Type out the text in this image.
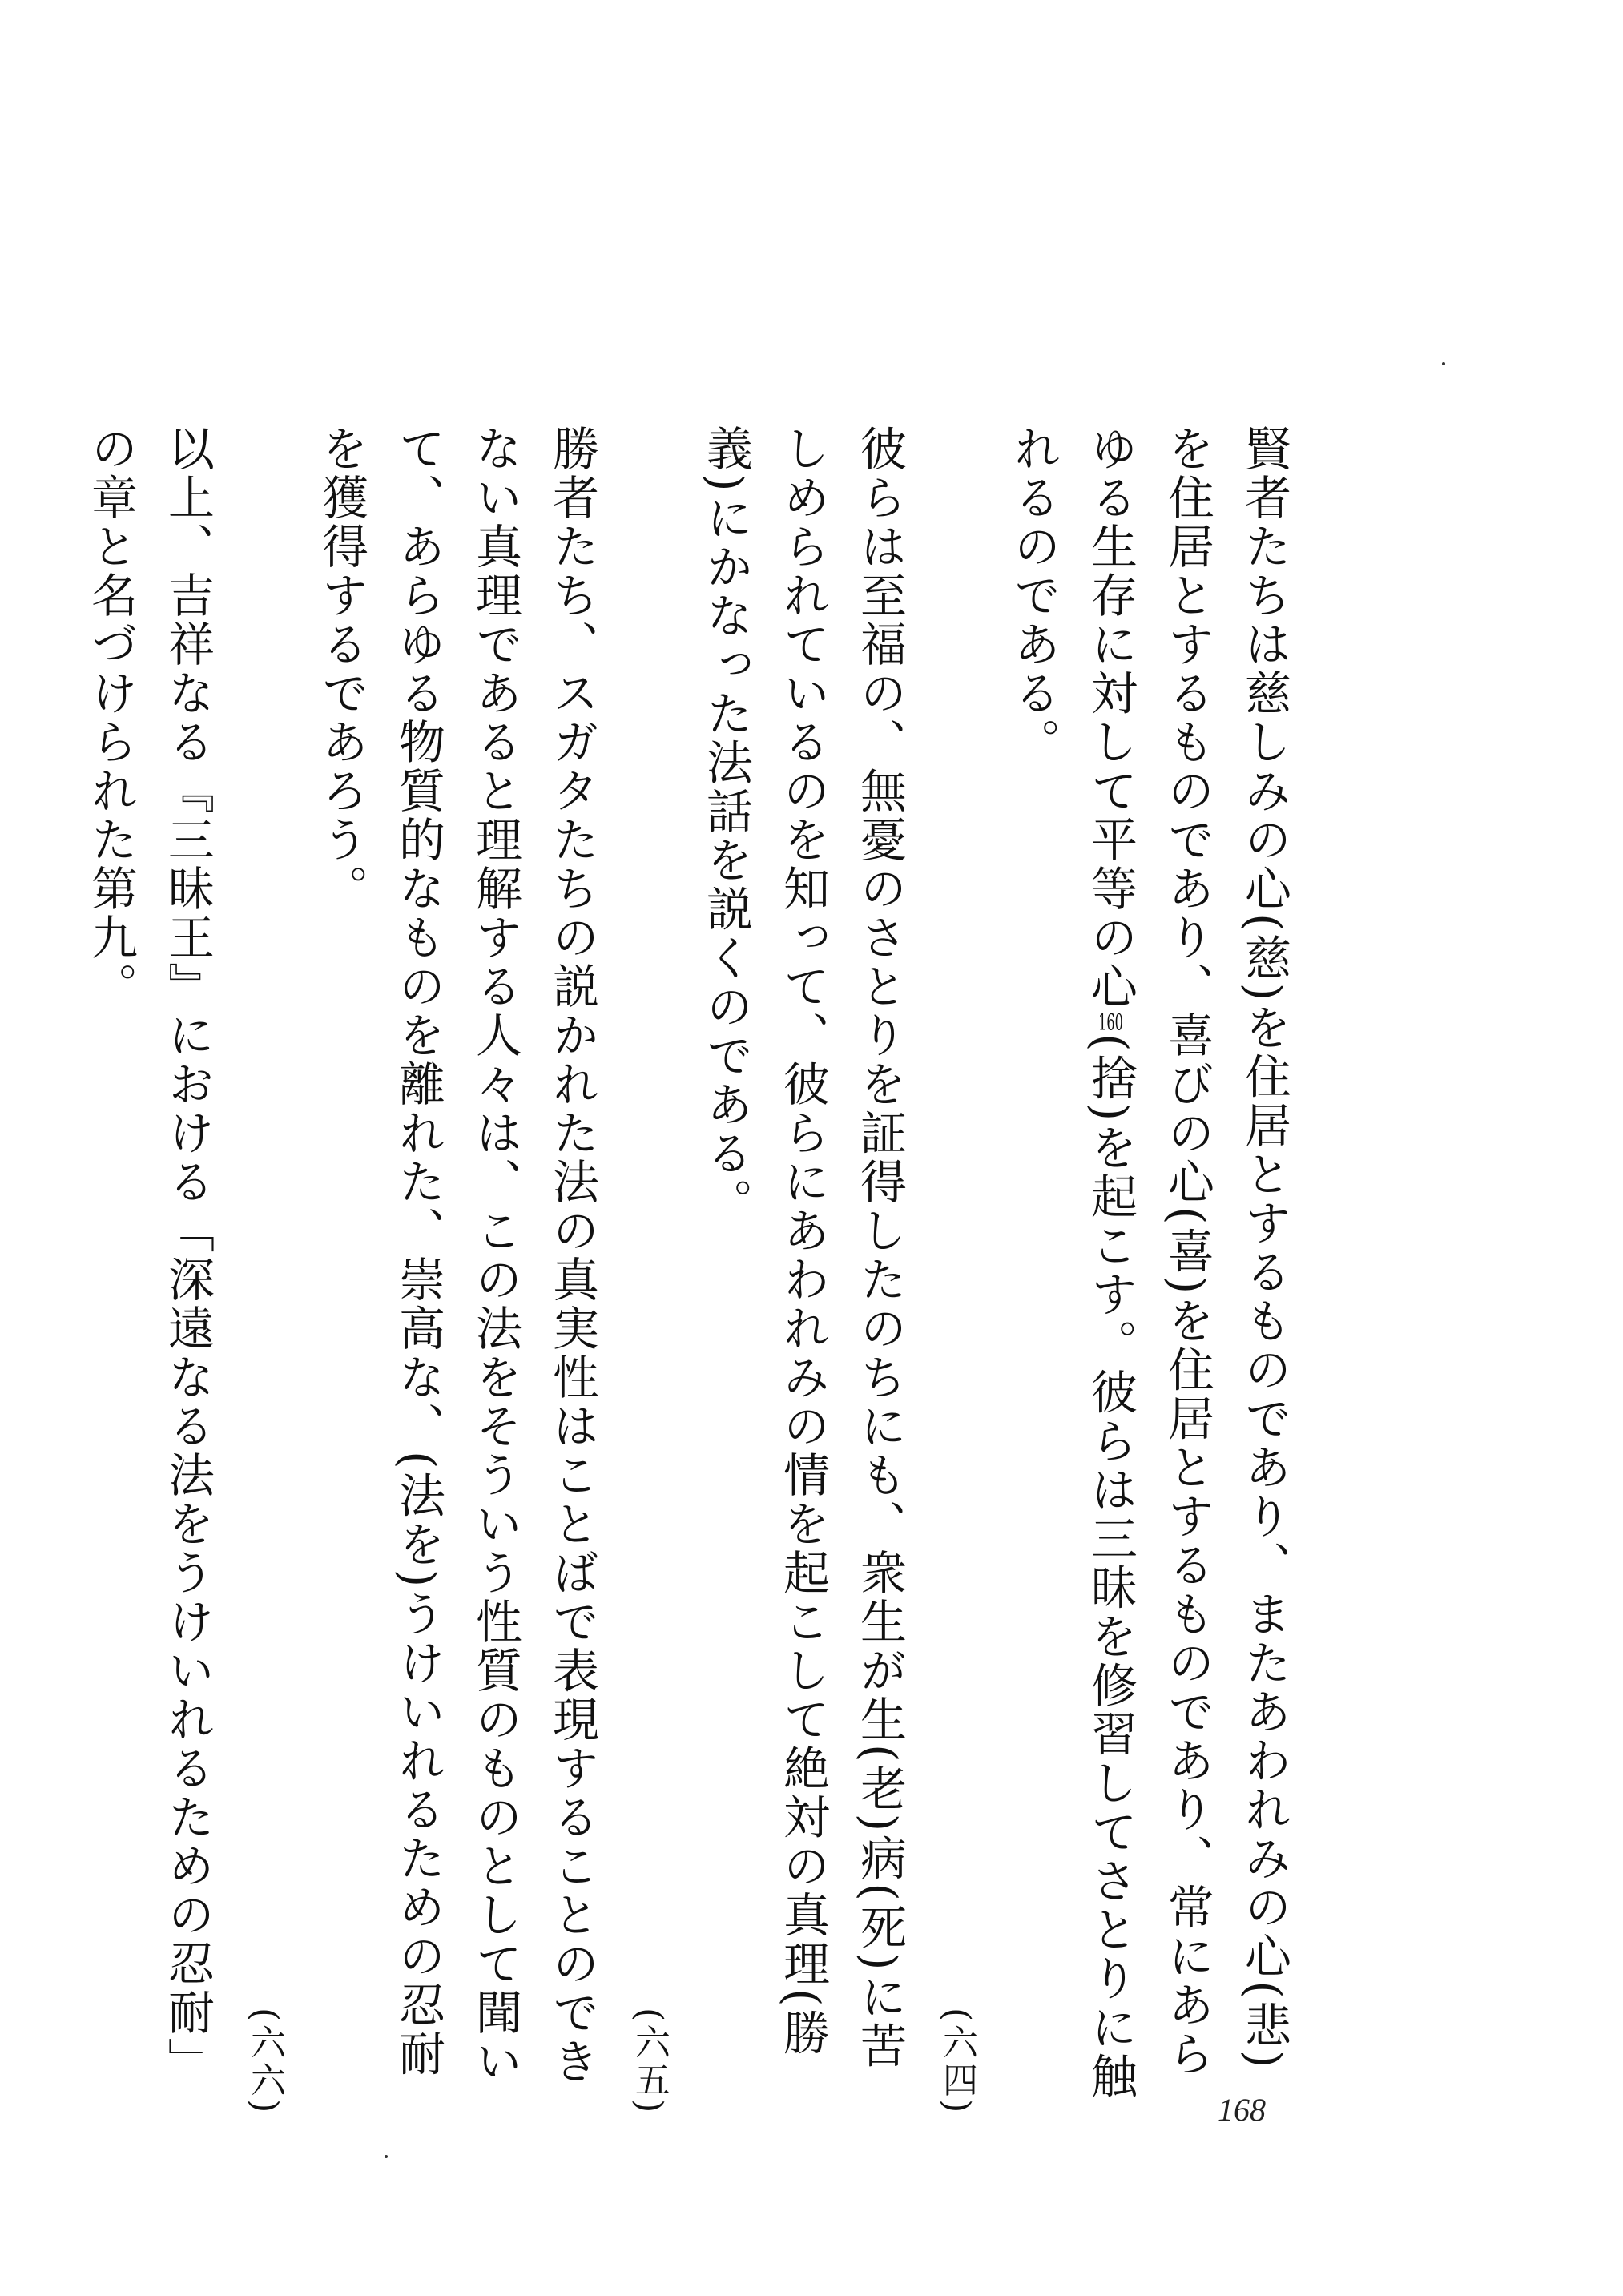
賢者たちは慈しみの心(慈)を住居とするものであり、またあわれみの心(悲)を住居とするものであり、喜びの心(喜)を住居とするものであり、常にあらゆる生存に対して平等の心160(捨)を起こす。彼らは三昧を修習してさとりに触れるのである。
(六四)

彼らは至福の、無憂のさとりを証得したのちにも、衆生が生(老)病(死)に苦しめられているのを知って、彼らにあわれみの情を起こして絶対の真理(勝義)にかなった法話を説くのである。
(六五)

勝者たち、スガタたちの説かれた法の真実性はことばで表現することのできない真理であると理解する人々は、この法をそういう性質のものとして聞いて、あらゆる物質的なものを離れた、崇高な、(法を)うけいれるための忍耐を獲得するであろう。
(六六)

以上、吉祥なる『三昧王』における「深遠なる法をうけいれるための忍耐」の章と名づけられた第九。

168
